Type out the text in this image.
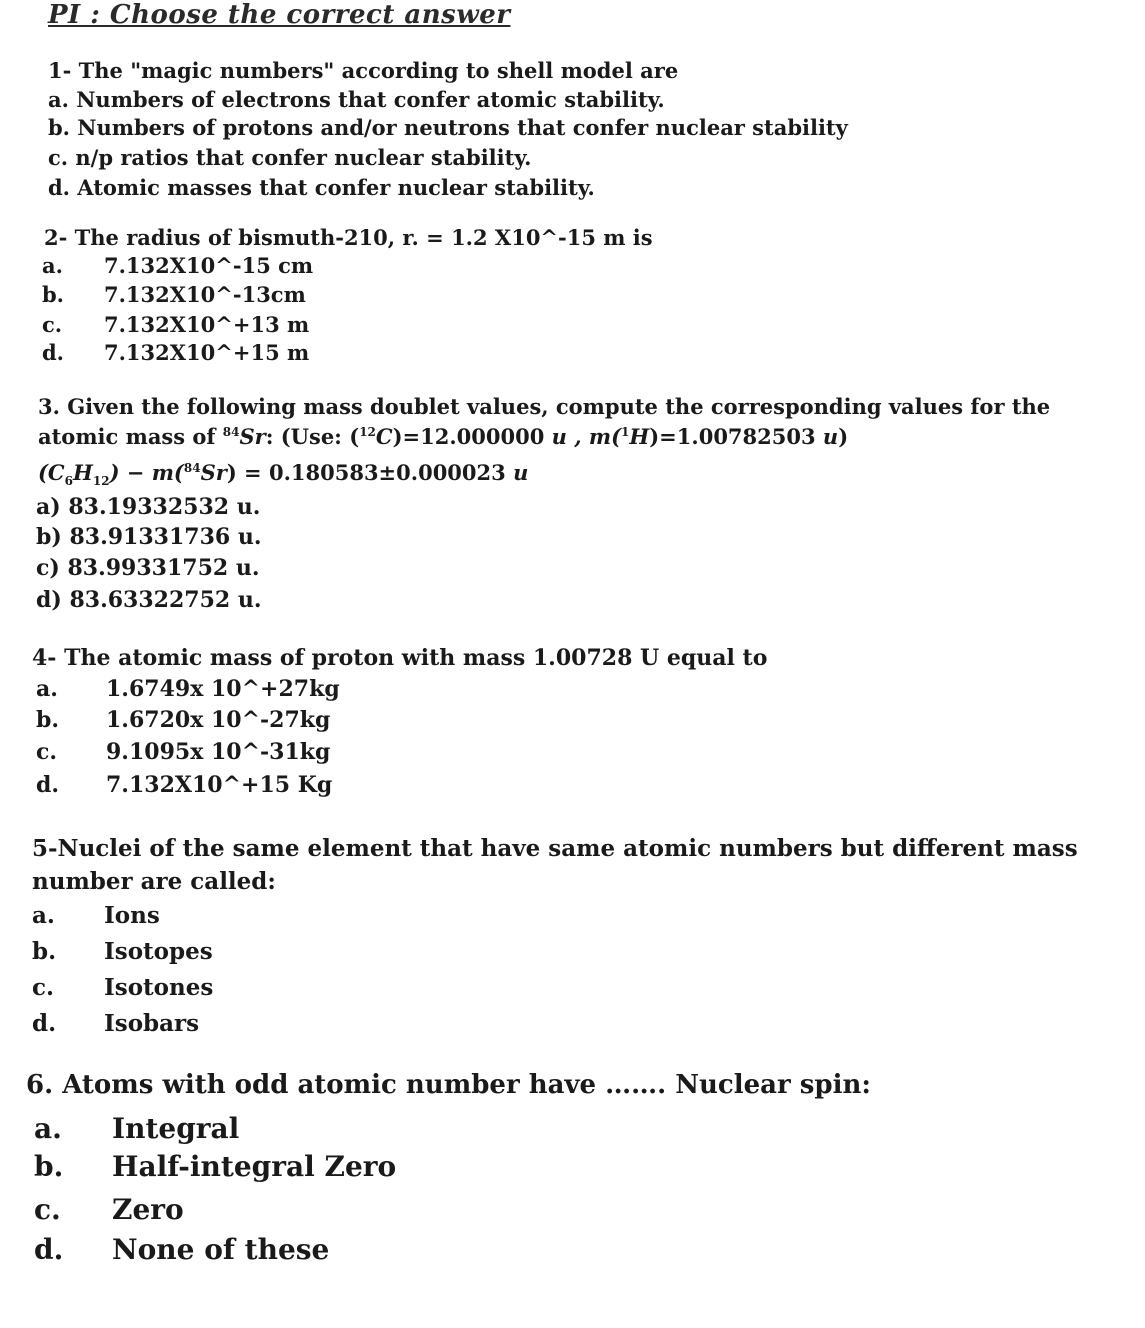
PI : Choose the correct answer
1- The "magic numbers" according to shell model are
a. Numbers of electrons that confer atomic stability.
b. Numbers of protons and/or neutrons that confer nuclear stability
c. n/p ratios that confer nuclear stability.
d. Atomic masses that confer nuclear stability.
2- The radius of bismuth-210, r. = 1.2 X10^-15 m is
a. 7.132X10^-15 cm
b. 7.132X10^-13cm
c. 7.132X10^+13 m
d. 7.132X10^+15 m
3. Given the following mass doublet values, compute the corresponding values for the
atomic mass of $^{84}$Sr: (Use: ($^{12}$C)=12.000000 u , m($^1$H)=1.00782503 u)
$(C_6H_{12}) - m(^{84}Sr) = 0.180583\pm 0.000023$ u
a) 83.19332532 u.
b) 83.91331736 u.
c) 83.99331752 u.
d) 83.63322752 u.
4- The atomic mass of proton with mass 1.00728 U equal to
a. 1.6749x 10^+27kg
b. 1.6720x 10^-27kg
c. 9.1095x 10^-31kg
d. 7.132X10^+15 Kg
5-Nuclei of the same element that have same atomic numbers but different mass
number are called:
a. Ions
b. Isotopes
c. Isotones
d. Isobars
6. Atoms with odd atomic number have ……. Nuclear spin:
a. Integral
b. Half-integral Zero
c. Zero
d. None of these
